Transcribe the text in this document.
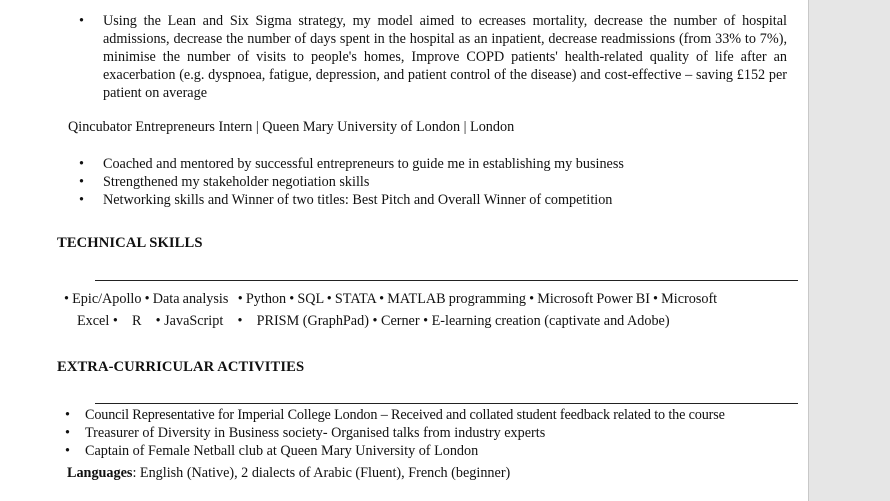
• Using the Lean and Six Sigma strategy, my model aimed to ecreases mortality, decrease the number of hospital admissions, decrease the number of days spent in the hospital as an inpatient, decrease readmissions (from 33% to 7%), minimise the number of visits to people's homes, Improve COPD patients' health-related quality of life after an exacerbation (e.g. dyspnoea, fatigue, depression, and patient control of the disease) and cost-effective – saving £152 per patient on average
Qincubator Entrepreneurs Intern | Queen Mary University of London | London
• Coached and mentored by successful entrepreneurs to guide me in establishing my business
• Strengthened my stakeholder negotiation skills
• Networking skills and Winner of two titles: Best Pitch and Overall Winner of competition
TECHNICAL SKILLS
• Epic/Apollo • Data analysis   • Python • SQL • STATA • MATLAB programming • Microsoft Power BI • Microsoft
Excel •    R    • JavaScript    •    PRISM (GraphPad) • Cerner • E-learning creation (captivate and Adobe)
EXTRA-CURRICULAR ACTIVITIES
• Council Representative for Imperial College London – Received and collated student feedback related to the course
• Treasurer of Diversity in Business society- Organised talks from industry experts
• Captain of Female Netball club at Queen Mary University of London
Languages: English (Native), 2 dialects of Arabic (Fluent), French (beginner)
